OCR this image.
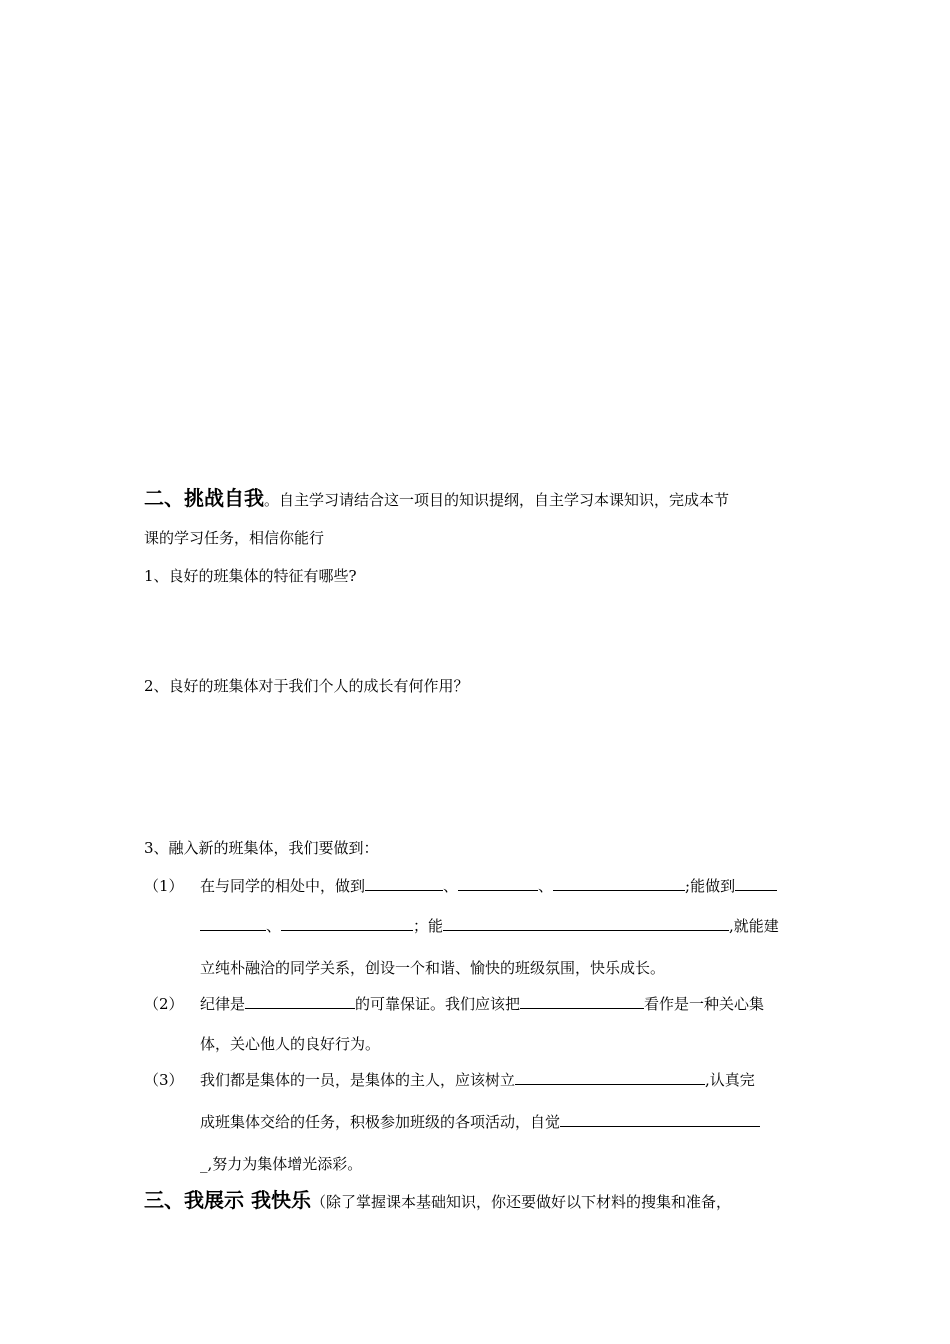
二、挑战自我。自主学习请结合这一项目的知识提纲，自主学习本课知识，完成本节
课的学习任务，相信你能行
1、良好的班集体的特征有哪些?
2、良好的班集体对于我们个人的成长有何作用？
3、融入新的班集体，我们要做到：
（1） 在与同学的相处中，做到	、	、	;能做到
、	；能	,就能建
立纯朴融洽的同学关系，创设一个和谐、愉快的班级氛围，快乐成长。
（2） 纪律是	的可靠保证。我们应该把	看作是一种关心集
体，关心他人的良好行为。
（3） 我们都是集体的一员，是集体的主人，应该树立	,认真完
成班集体交给的任务，积极参加班级的各项活动，自觉
_,努力为集体增光添彩。
三、我展示 我快乐（除了掌握课本基础知识，你还要做好以下材料的搜集和准备，
